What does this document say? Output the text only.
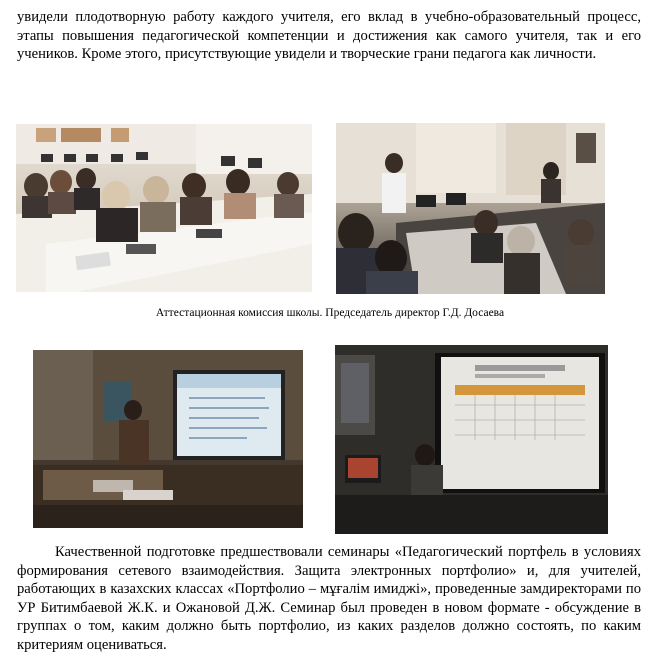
увидели плодотворную работу каждого учителя, его вклад в учебно-образовательный процесс, этапы повышения педагогической компетенции и достижения как самого учителя, так и его учеников. Кроме этого, присутствующие увидели и творческие грани педагога как личности.

Аттестационная комиссия школы. Председатель директор Г.Д. Досаева

Качественной подготовке предшествовали семинары «Педагогический портфель в условиях формирования сетевого взаимодействия. Защита электронных портфолио» и, для учителей, работающих в казахских классах «Портфолио – мұғалім имиджі», проведенные замдиректорами по УР Битимбаевой Ж.К. и Ожановой Д.Ж. Семинар был проведен в новом формате - обсуждение в группах о том, каким должно быть портфолио, из каких разделов должно состоять, по каким критериям оцениваться.
